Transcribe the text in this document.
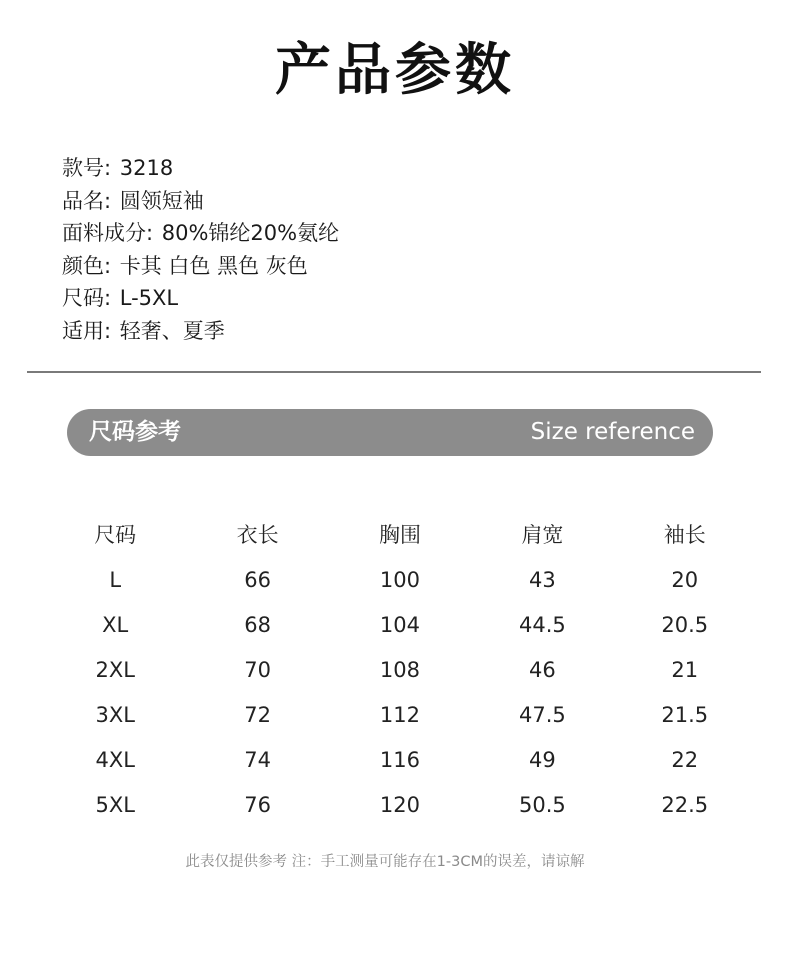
产品参数
款号: 3218
品名: 圆领短袖
面料成分: 80%锦纶20%氨纶
颜色: 卡其 白色 黑色 灰色
尺码: L-5XL
适用: 轻奢、夏季
尺码参考	Size reference
尺码	衣长	胸围	肩宽	袖长
L	66	100	43	20
XL	68	104	44.5	20.5
2XL	70	108	46	21
3XL	72	112	47.5	21.5
4XL	74	116	49	22
5XL	76	120	50.5	22.5
此表仅提供参考 注：手工测量可能存在1-3CM的误差，请谅解
